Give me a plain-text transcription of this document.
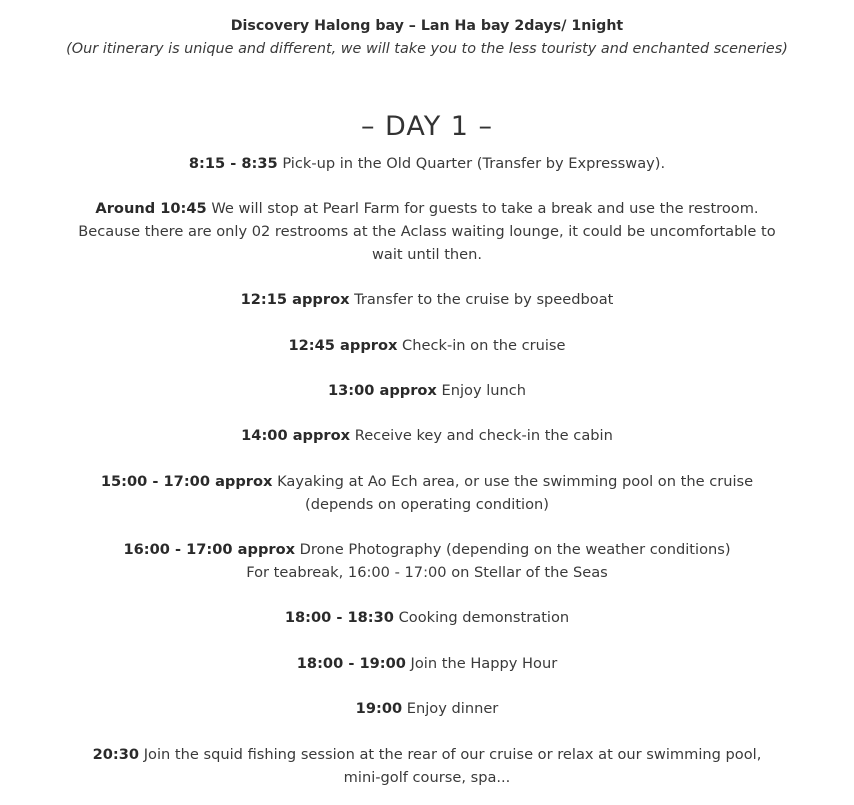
Discovery Halong bay – Lan Ha bay 2days/ 1night
(Our itinerary is unique and different, we will take you to the less touristy and enchanted sceneries)
– DAY 1 –
8:15 - 8:35 Pick-up in the Old Quarter (Transfer by Expressway).
Around 10:45 We will stop at Pearl Farm for guests to take a break and use the restroom.
Because there are only 02 restrooms at the Aclass waiting lounge, it could be uncomfortable to
wait until then.
12:15 approx Transfer to the cruise by speedboat
12:45 approx Check-in on the cruise
13:00 approx Enjoy lunch
14:00 approx Receive key and check-in the cabin
15:00 - 17:00 approx Kayaking at Ao Ech area, or use the swimming pool on the cruise
(depends on operating condition)
16:00 - 17:00 approx Drone Photography (depending on the weather conditions)
For teabreak, 16:00 - 17:00 on Stellar of the Seas
18:00 - 18:30 Cooking demonstration
18:00 - 19:00 Join the Happy Hour
19:00 Enjoy dinner
20:30 Join the squid fishing session at the rear of our cruise or relax at our swimming pool,
mini-golf course, spa...
